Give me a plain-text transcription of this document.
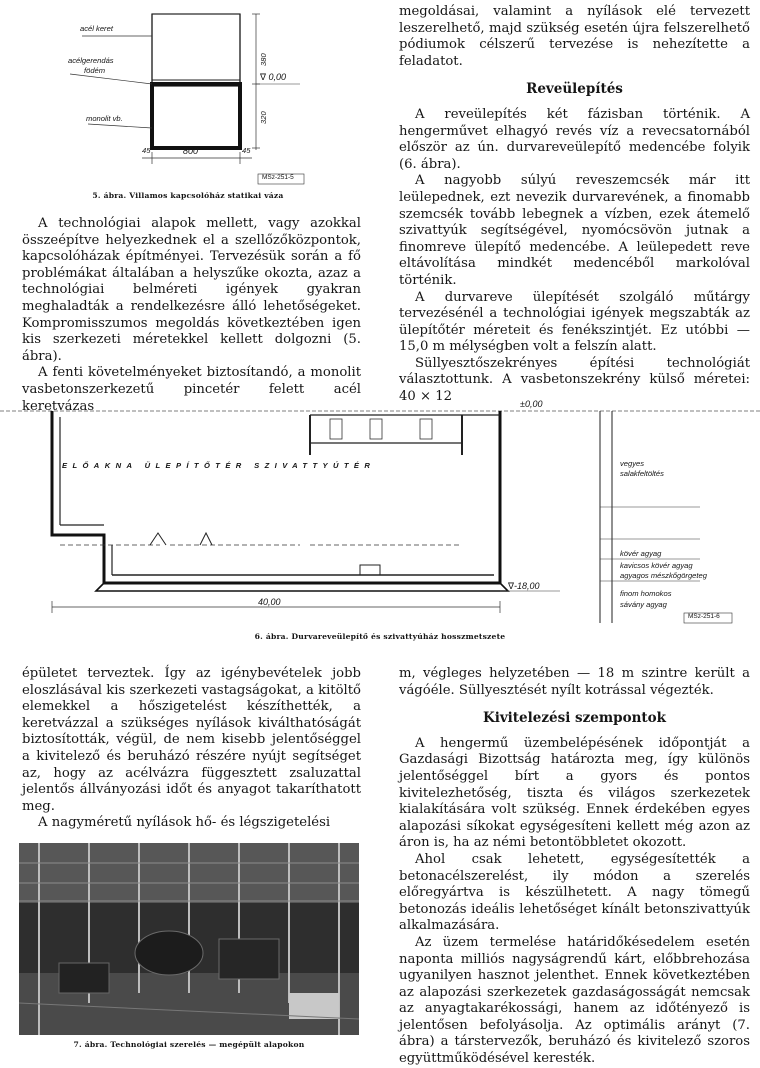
acél keret
acélgerendás
födém
monolit vb.
380
320
∇ 0,00
45	800	45
MSz-251-5
5. ábra. Villamos kapcsolóház statikai váza

A technológiai alapok mellett, vagy azokkal összeépítve helyezkednek el a szellőzőközpontok, kapcsolóházak építményei. Tervezésük során a fő problémákat általában a helyszűke okozta, azaz a technológiai belméreti igények gyakran meghaladták a rendelkezésre álló lehetőségeket. Kompromisszumos megoldás következtében igen kis szerkezeti méretekkel kellett dolgozni (5. ábra).

A fenti követelményeket biztosítandó, a monolit vasbetonszerkezetű pincetér felett acél keretvázas

megoldásai, valamint a nyílások elé tervezett leszerelhető, majd szükség esetén újra felszerelhető pódiumok célszerű tervezése is nehezítette a feladatot.

Reveülepítés

A reveülepítés két fázisban történik. A hengerművet elhagyó revés víz a revecsatornából először az ún. durvareveülepítő medencébe folyik (6. ábra).

A nagyobb súlyú reveszemcsék már itt leülepednek, ezt nevezik durvarevének, a finomabb szemcsék tovább lebegnek a vízben, ezek átemelő szivattyúk segítségével, nyomócsövön jutnak a finomreve ülepítő medencébe. A leülepedett reve eltávolítása mindkét medencéből markolóval történik.

A durvareve ülepítését szolgáló műtárgy tervezésénél a technológiai igények megszabták az ülepítőtér méreteit és fenékszintjét. Ez utóbbi — 15,0 m mélységben volt a felszín alatt.

Süllyesztőszekrényes építési technológiát választottunk. A vasbetonszekrény külső méretei: 40 × 12

ELŐAKNA ÜLEPÍTŐTÉR SZIVATTYÚTÉR
±0,00
∇-18,00
40,00
vegyes
salakfeltöltés
kövér agyag
kavicsos kövér agyag
agyagos mészkőgörgeteg
finom homokos
sávány agyag
MSz-251-6
6. ábra. Durvareveülepítő és szivattyúház hosszmetszete

épületet terveztek. Így az igénybevételek jobb eloszlásával kis szerkezeti vastagságokat, a kitöltő elemekkel a hőszigetelést készíthették, a keretvázzal a szükséges nyílások kiválthatóságát biztosították, végül, de nem kisebb jelentőséggel a kivitelező és beruházó részére nyújt segítséget az, hogy az acélvázra függesztett zsaluzattal jelentős állványozási időt és anyagot takaríthatott meg.

A nagyméretű nyílások hő- és légszigetelési

7. ábra. Technológiai szerelés — megépült alapokon

m, végleges helyzetében — 18 m szintre került a vágóéle. Süllyesztését nyílt kotrással végezték.

Kivitelezési szempontok

A hengermű üzembelépésének időpontját a Gazdasági Bizottság határozta meg, így különös jelentőséggel bírt a gyors és pontos kivitelezhetőség, tiszta és világos szerkezetek kialakítására volt szükség. Ennek érdekében egyes alapozási síkokat egységesíteni kellett még azon az áron is, ha az némi betontöbbletet okozott.

Ahol csak lehetett, egységesítették a betonacélszerelést, ily módon a szerelés előregyártva is készülhetett. A nagy tömegű betonozás ideális lehetőséget kínált betonszivattyúk alkalmazására.

Az üzem termelése határidőkésedelem esetén naponta milliós nagyságrendű kárt, előbbrehozása ugyanilyen hasznot jelenthet. Ennek következtében az alapozási szerkezetek gazdaságosságát nemcsak az anyagtakarékossági, hanem az időtényező is jelentősen befolyásolja. Az optimális arányt (7. ábra) a társtervezők, beruházó és kivitelező szoros együttműködésével keresték.
